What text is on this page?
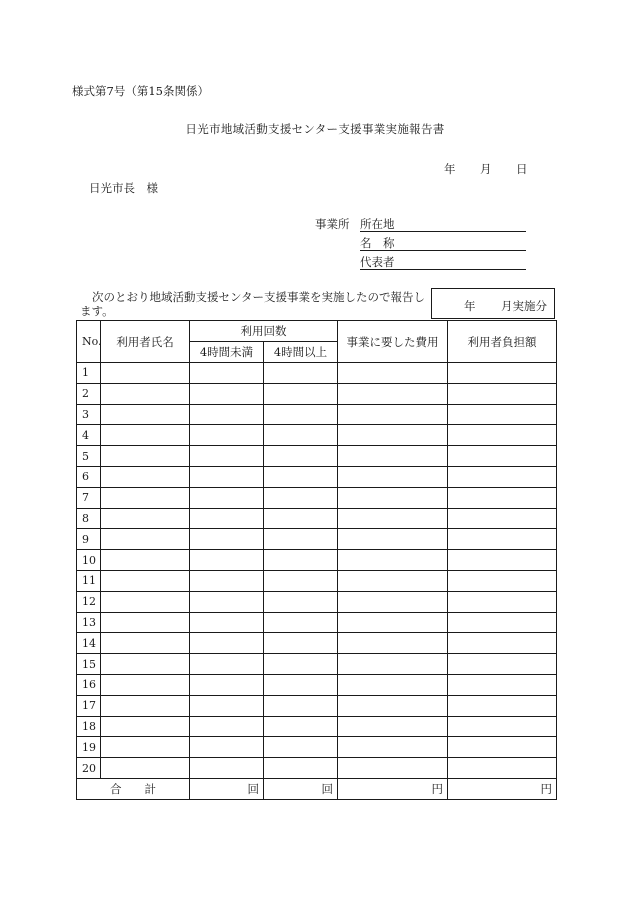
様式第7号（第15条関係）
日光市地域活動支援センター支援事業実施報告書
年 月 日
日光市長　様
事業所 所在地
名　称
代表者
次のとおり地域活動支援センター支援事業を実施したので報告します。	年 月実施分
No.	利用者氏名	利用回数		事業に要した費用	利用者負担額
		4時間未満	4時間以上		
1					
2					
3					
4					
5					
6					
7					
8					
9					
10					
11					
12					
13					
14					
15					
16					
17					
18					
19					
20					
合　　計		回	回	円	円
